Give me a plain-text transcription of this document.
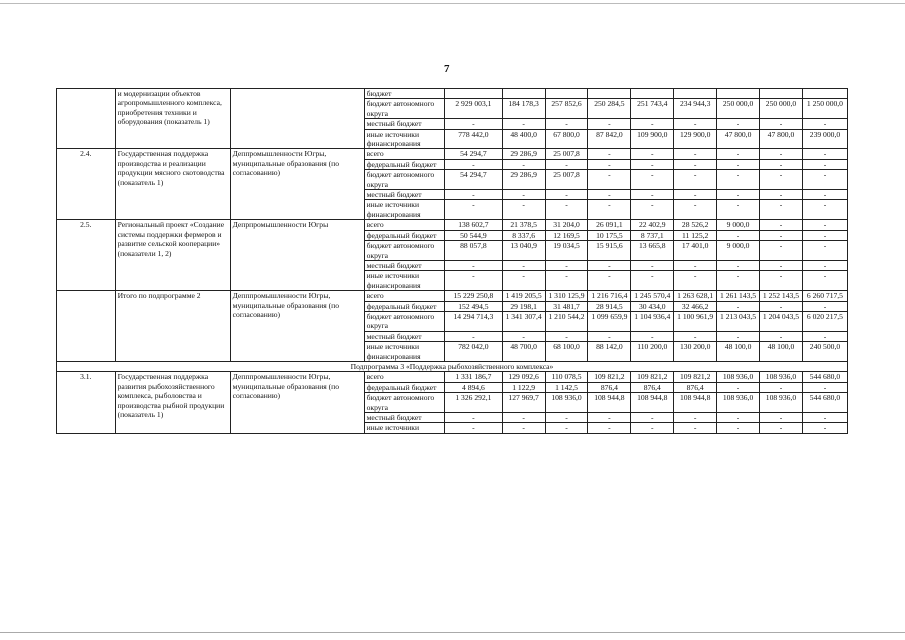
7
	и модернизации объектов агропромышленного комплекса, приобретения техники и оборудования (показатель 1)		бюджет									
			бюджет автономного округа	2 929 003,1	184 178,3	257 852,6	250 284,5	251 743,4	234 944,3	250 000,0	250 000,0	1 250 000,0
			местный бюджет	-	-	-	-	-	-	-	-	-
			иные источники финансирования	778 442,0	48 400,0	67 800,0	87 842,0	109 900,0	129 900,0	47 800,0	47 800,0	239 000,0
2.4.	Государственная поддержка производства и реализации продукции мясного скотоводства (показатель 1)	Деппромышленности Югры, муниципальные образования (по согласованию)	всего	54 294,7	29 286,9	25 007,8	-	-	-	-	-	-
			федеральный бюджет	-	-	-	-	-	-	-	-	-
			бюджет автономного округа	54 294,7	29 286,9	25 007,8	-	-	-	-	-	-
			местный бюджет	-	-	-	-	-	-	-	-	-
			иные источники финансирования	-	-	-	-	-	-	-	-	-
2.5.	Региональный проект «Создание системы поддержки фермеров и развитие сельской кооперации» (показатели 1, 2)	Депрпромышленности Югры	всего	138 602,7	21 378,5	31 204,0	26 091,1	22 402,9	28 526,2	9 000,0	-	-
			федеральный бюджет	50 544,9	8 337,6	12 169,5	10 175,5	8 737,1	11 125,2	-	-	-
			бюджет автономного округа	88 057,8	13 040,9	19 034,5	15 915,6	13 665,8	17 401,0	9 000,0	-	-
			местный бюджет	-	-	-	-	-	-	-	-	-
			иные источники финансирования	-	-	-	-	-	-	-	-	-
	Итого по подпрограмме 2	Депппромышленности Югры, муниципальные образования (по согласованию)	всего	15 229 250,8	1 419 205,5	1 310 125,9	1 216 716,4	1 245 570,4	1 263 628,1	1 261 143,5	1 252 143,5	6 260 717,5
			федеральный бюджет	152 494,5	29 198,1	31 481,7	28 914,5	30 434,0	32 466,2	-	-	-
			бюджет автономного округа	14 294 714,3	1 341 307,4	1 210 544,2	1 099 659,9	1 104 936,4	1 100 961,9	1 213 043,5	1 204 043,5	6 020 217,5
			местный бюджет	-	-	-	-	-	-	-	-	-
			иные источники финансирования	782 042,0	48 700,0	68 100,0	88 142,0	110 200,0	130 200,0	48 100,0	48 100,0	240 500,0
Подпрограмма 3 «Поддержка рыбохозяйственного комплекса»												
3.1.	Государственная поддержка развития рыбохозяйственного комплекса, рыболовства и производства рыбной продукции (показатель 1)	Депппромышленности Югры, муниципальные образования (по согласованию)	всего	1 331 186,7	129 092,6	110 078,5	109 821,2	109 821,2	109 821,2	108 936,0	108 936,0	544 680,0
			федеральный бюджет	4 894,6	1 122,9	1 142,5	876,4	876,4	876,4	-	-	-
			бюджет автономного округа	1 326 292,1	127 969,7	108 936,0	108 944,8	108 944,8	108 944,8	108 936,0	108 936,0	544 680,0
			местный бюджет	-	-	-	-	-	-	-	-	-
			иные источники	-	-	-	-	-	-	-	-	-
